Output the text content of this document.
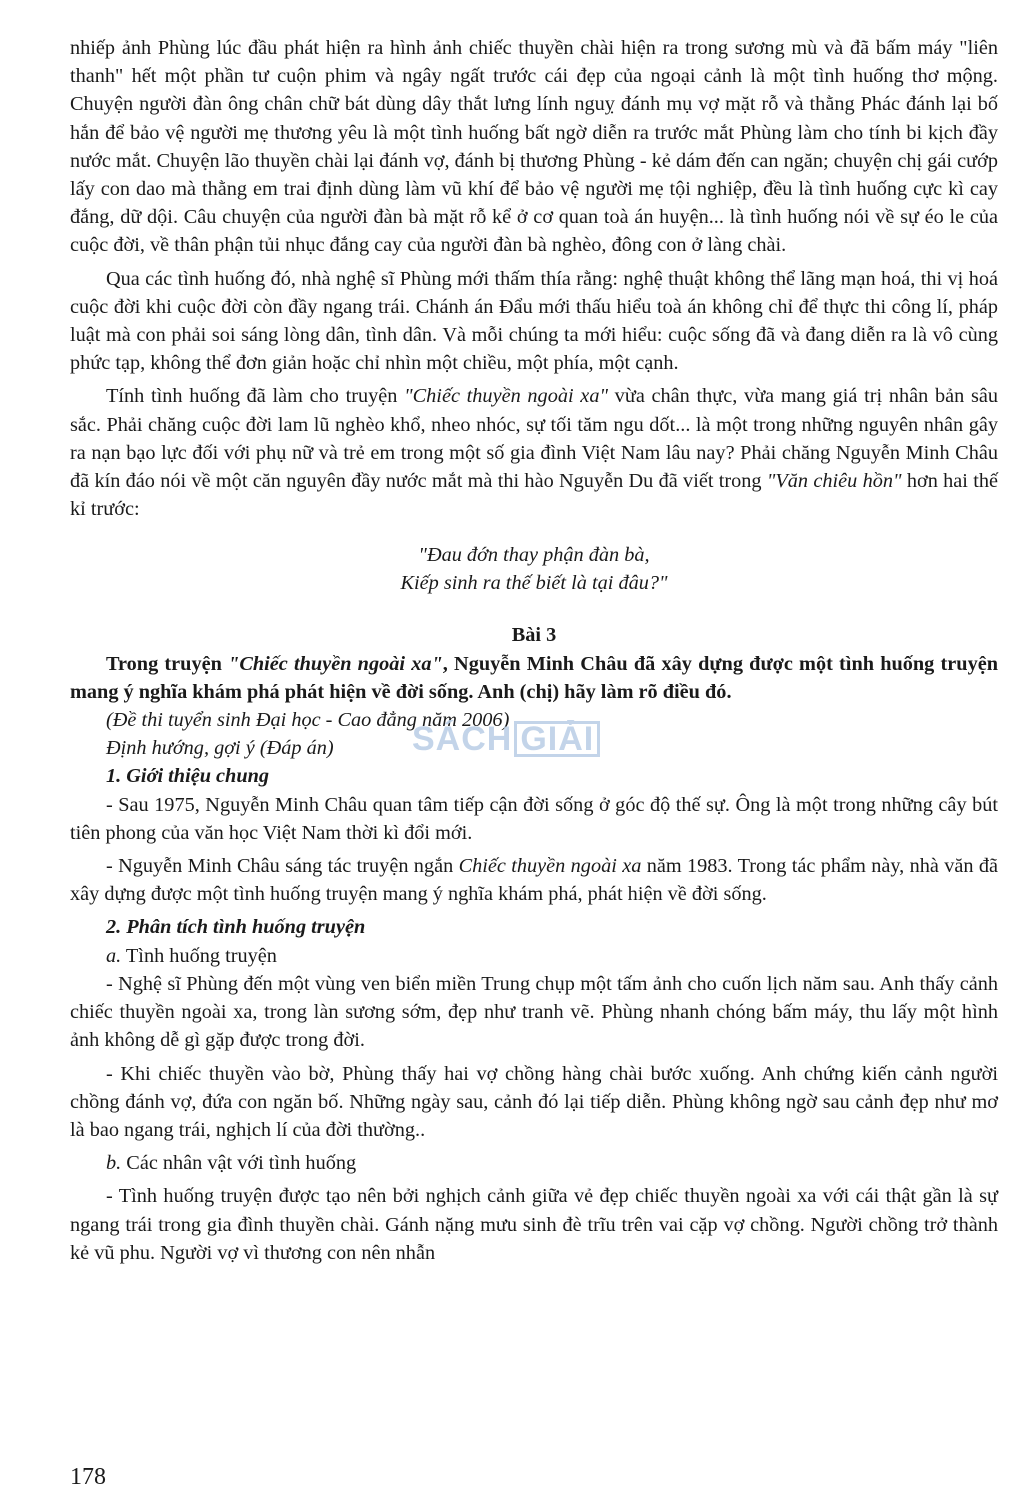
nhiếp ảnh Phùng lúc đầu phát hiện ra hình ảnh chiếc thuyền chài hiện ra trong sương mù và đã bấm máy "liên thanh" hết một phần tư cuộn phim và ngây ngất trước cái đẹp của ngoại cảnh là một tình huống thơ mộng. Chuyện người đàn ông chân chữ bát dùng dây thắt lưng lính nguỵ đánh mụ vợ mặt rỗ và thằng Phác đánh lại bố hắn để bảo vệ người mẹ thương yêu là một tình huống bất ngờ diễn ra trước mắt Phùng làm cho tính bi kịch đầy nước mắt. Chuyện lão thuyền chài lại đánh vợ, đánh bị thương Phùng - kẻ dám đến can ngăn; chuyện chị gái cướp lấy con dao mà thằng em trai định dùng làm vũ khí để bảo vệ người mẹ tội nghiệp, đều là tình huống cực kì cay đắng, dữ dội. Câu chuyện của người đàn bà mặt rỗ kể ở cơ quan toà án huyện... là tình huống nói về sự éo le của cuộc đời, về thân phận tủi nhục đắng cay của người đàn bà nghèo, đông con ở làng chài.

Qua các tình huống đó, nhà nghệ sĩ Phùng mới thấm thía rằng: nghệ thuật không thể lãng mạn hoá, thi vị hoá cuộc đời khi cuộc đời còn đầy ngang trái. Chánh án Đẩu mới thấu hiểu toà án không chỉ để thực thi công lí, pháp luật mà con phải soi sáng lòng dân, tình dân. Và mỗi chúng ta mới hiểu: cuộc sống đã và đang diễn ra là vô cùng phức tạp, không thể đơn giản hoặc chỉ nhìn một chiều, một phía, một cạnh.

Tính tình huống đã làm cho truyện "Chiếc thuyền ngoài xa" vừa chân thực, vừa mang giá trị nhân bản sâu sắc. Phải chăng cuộc đời lam lũ nghèo khổ, nheo nhóc, sự tối tăm ngu dốt... là một trong những nguyên nhân gây ra nạn bạo lực đối với phụ nữ và trẻ em trong một số gia đình Việt Nam lâu nay? Phải chăng Nguyễn Minh Châu đã kín đáo nói về một căn nguyên đầy nước mắt mà thi hào Nguyễn Du đã viết trong "Văn chiêu hồn" hơn hai thế kỉ trước:

"Đau đớn thay phận đàn bà,
Kiếp sinh ra thế biết là tại đâu?"
Bài 3

Trong truyện "Chiếc thuyền ngoài xa", Nguyễn Minh Châu đã xây dựng được một tình huống truyện mang ý nghĩa khám phá phát hiện về đời sống. Anh (chị) hãy làm rõ điều đó.

(Đề thi tuyển sinh Đại học - Cao đẳng năm 2006)

Định hướng, gợi ý (Đáp án)

1. Giới thiệu chung

- Sau 1975, Nguyễn Minh Châu quan tâm tiếp cận đời sống ở góc độ thế sự. Ông là một trong những cây bút tiên phong của văn học Việt Nam thời kì đổi mới.

- Nguyễn Minh Châu sáng tác truyện ngắn Chiếc thuyền ngoài xa năm 1983. Trong tác phẩm này, nhà văn đã xây dựng được một tình huống truyện mang ý nghĩa khám phá, phát hiện về đời sống.

2. Phân tích tình huống truyện

a. Tình huống truyện

- Nghệ sĩ Phùng đến một vùng ven biển miền Trung chụp một tấm ảnh cho cuốn lịch năm sau. Anh thấy cảnh chiếc thuyền ngoài xa, trong làn sương sớm, đẹp như tranh vẽ. Phùng nhanh chóng bấm máy, thu lấy một hình ảnh không dễ gì gặp được trong đời.

- Khi chiếc thuyền vào bờ, Phùng thấy hai vợ chồng hàng chài bước xuống. Anh chứng kiến cảnh người chồng đánh vợ, đứa con ngăn bố. Những ngày sau, cảnh đó lại tiếp diễn. Phùng không ngờ sau cảnh đẹp như mơ là bao ngang trái, nghịch lí của đời thường..

b. Các nhân vật với tình huống

- Tình huống truyện được tạo nên bởi nghịch cảnh giữa vẻ đẹp chiếc thuyền ngoài xa với cái thật gần là sự ngang trái trong gia đình thuyền chài. Gánh nặng mưu sinh đè trĩu trên vai cặp vợ chồng. Người chồng trở thành kẻ vũ phu. Người vợ vì thương con nên nhẫn

SÁCH GIẢI
178
